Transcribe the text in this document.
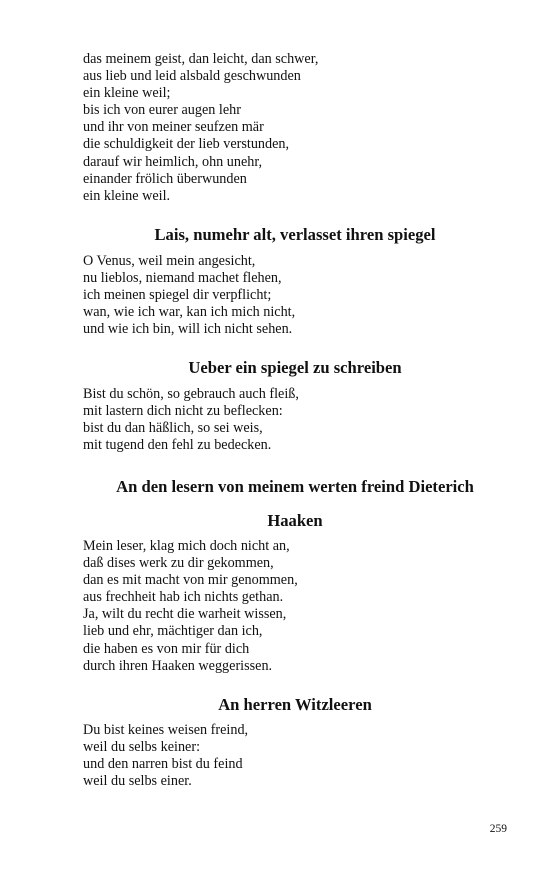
das meinem geist, dan leicht, dan schwer,
aus lieb und leid alsbald geschwunden
ein kleine weil;
bis ich von eurer augen lehr
und ihr von meiner seufzen mär
die schuldigkeit der lieb verstunden,
darauf wir heimlich, ohn unehr,
einander frölich überwunden
ein kleine weil.
Lais, numehr alt, verlasset ihren spiegel
O Venus, weil mein angesicht,
nu lieblos, niemand machet flehen,
ich meinen spiegel dir verpflicht;
wan, wie ich war, kan ich mich nicht,
und wie ich bin, will ich nicht sehen.
Ueber ein spiegel zu schreiben
Bist du schön, so gebrauch auch fleiß,
mit lastern dich nicht zu beflecken:
bist du dan häßlich, so sei weis,
mit tugend den fehl zu bedecken.
An den lesern von meinem werten freind Dieterich
Haaken
Mein leser, klag mich doch nicht an,
daß dises werk zu dir gekommen,
dan es mit macht von mir genommen,
aus frechheit hab ich nichts gethan.
Ja, wilt du recht die warheit wissen,
lieb und ehr, mächtiger dan ich,
die haben es von mir für dich
durch ihren Haaken weggerissen.
An herren Witzleeren
Du bist keines weisen freind,
weil du selbs keiner:
und den narren bist du feind
weil du selbs einer.
259
